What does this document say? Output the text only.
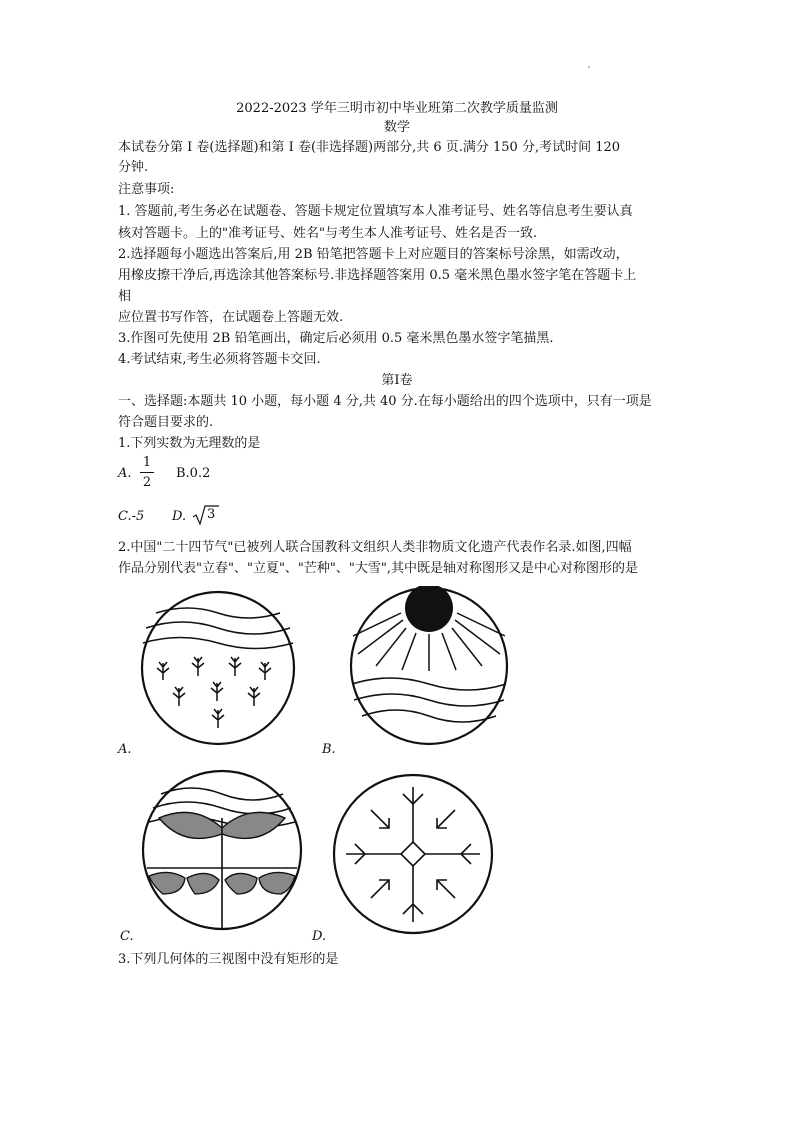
2022-2023 学年三明市初中毕业班第二次教学质量监测
数学
本试卷分第 I 卷(选择题)和第 I 卷(非选择题)两部分,共 6 页.满分 150 分,考试时间 120
分钟.
注意事项:
1. 答题前,考生务必在试题卷、答题卡规定位置填写本人准考证号、姓名等信息考生要认真
核对答题卡。上的"准考证号、姓名"与考生本人准考证号、姓名是否一致.
2.选择题每小题选出答案后,用 2B 铅笔把答题卡上对应题目的答案标号涂黑，如需改动，
用橡皮擦干净后,再选涂其他答案标号.非选择题答案用 0.5 毫米黑色墨水签字笔在答题卡上
相
应位置书写作答，在试题卷上答题无效.
3.作图可先使用 2B 铅笔画出，确定后必须用 0.5 毫米黑色墨水签字笔描黑.
4.考试结束,考生必须将答题卡交回.
第Ⅰ卷
一、选择题:本题共 10 小题，每小题 4 分,共 40 分.在每小题给出的四个选项中，只有一项是
符合题目要求的.
1.下列实数为无理数的是
A.
1
2
B.0.2
C.-5 D. 3
2.中国"二十四节气"已被列人联合国教科文组织人类非物质文化遗产代表作名录.如图,四幅
作品分别代表"立春"、"立夏"、"芒种"、"大雪",其中既是轴对称图形又是中心对称图形的是
A.	B.
C.	D.
3.下列几何体的三视图中没有矩形的是
